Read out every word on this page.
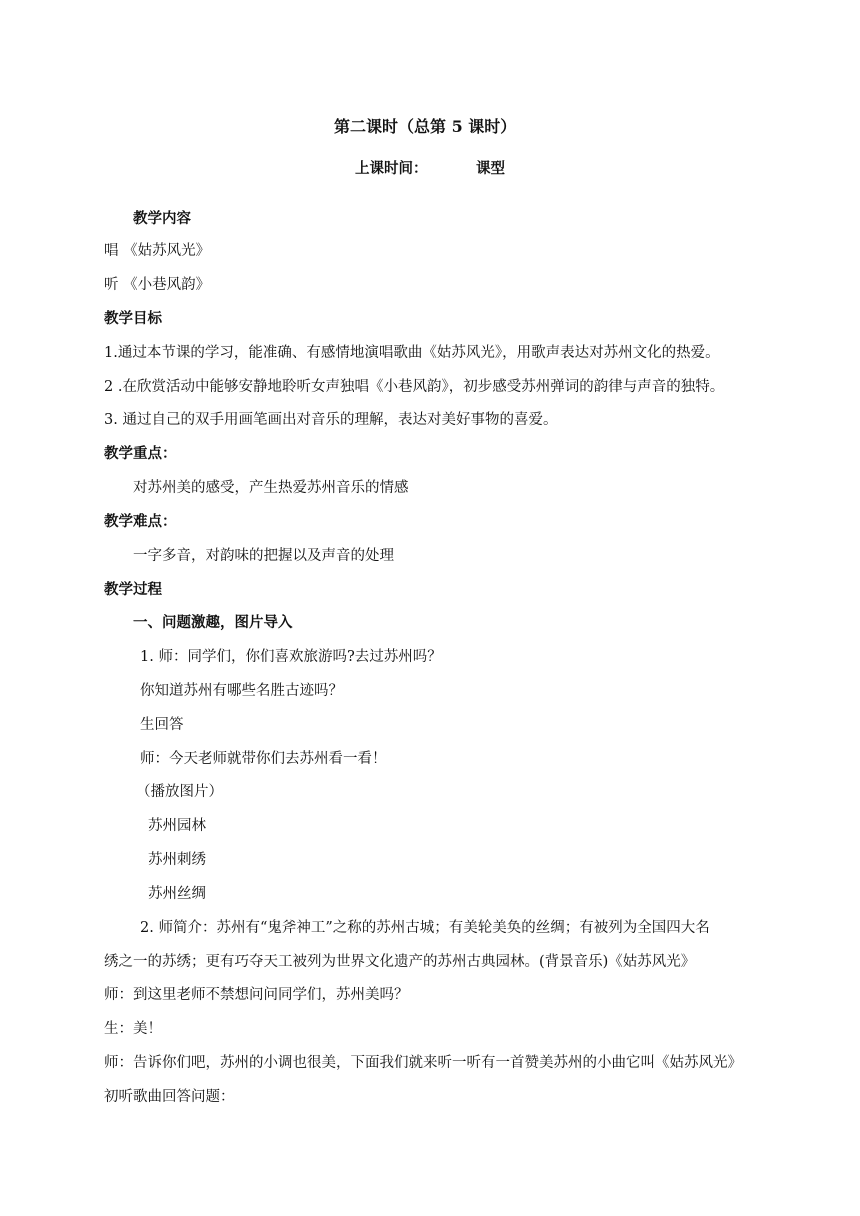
第二课时（总第 5 课时）
上课时间：	课型
教学内容
唱 《姑苏风光》
听 《小巷风韵》
教学目标
1.通过本节课的学习，能准确、有感情地演唱歌曲《姑苏风光》，用歌声表达对苏州文化的热爱。
2 .在欣赏活动中能够安静地聆听女声独唱《小巷风韵》，初步感受苏州弹词的韵律与声音的独特。
3. 通过自己的双手用画笔画出对音乐的理解，表达对美好事物的喜爱。
教学重点：
对苏州美的感受，产生热爱苏州音乐的情感
教学难点：
一字多音，对韵味的把握以及声音的处理
教学过程
一、问题激趣，图片导入
1. 师：同学们，你们喜欢旅游吗?去过苏州吗？
你知道苏州有哪些名胜古迹吗？
生回答
师：今天老师就带你们去苏州看一看！
（播放图片）
苏州园林
苏州刺绣
苏州丝绸
2. 师简介：苏州有“鬼斧神工”之称的苏州古城；有美轮美奂的丝绸；有被列为全国四大名
绣之一的苏绣；更有巧夺天工被列为世界文化遗产的苏州古典园林。(背景音乐)《姑苏风光》
师：到这里老师不禁想问问同学们，苏州美吗？
生：美！
师：告诉你们吧，苏州的小调也很美，下面我们就来听一听有一首赞美苏州的小曲它叫《姑苏风光》
初听歌曲回答问题：
